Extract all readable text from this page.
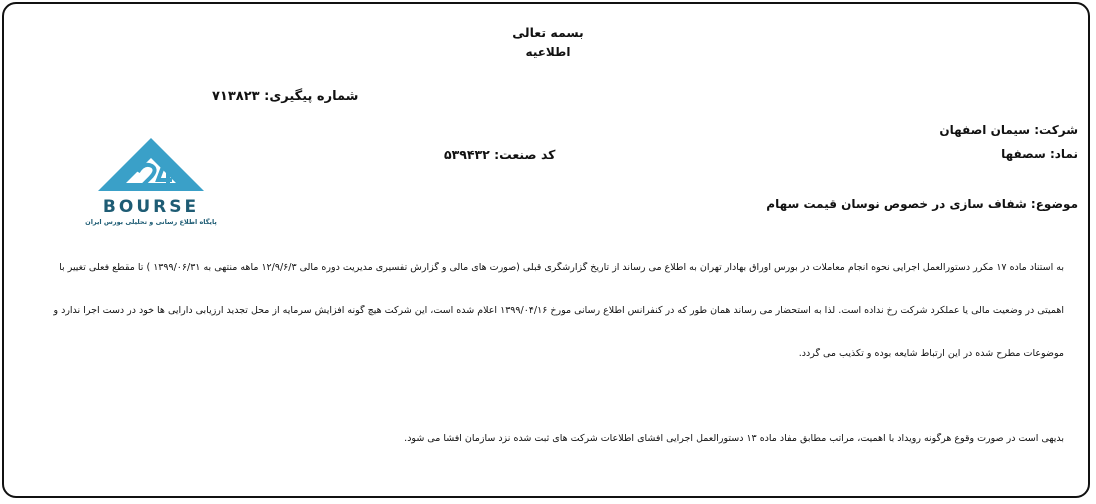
بسمه تعالی
اطلاعیه
شماره پیگیری: ۷۱۳۸۲۳
شرکت: سیمان اصفهان
نماد: سصفها
کد صنعت: ۵۳۹۴۳۲
موضوع: شفاف سازی در خصوص نوسان قیمت سهام
BOURSE
پایگاه اطلاع رسانی و تحلیلی بورس ایران
به استناد ماده ۱۷ مکرر دستورالعمل اجرایی نحوه انجام معاملات در بورس اوراق بهادار تهران به اطلاع می رساند از تاریخ گزارشگری قبلی (صورت های مالی و گزارش تفسیری مدیریت دوره مالی ۱۲/۹/۶/۳ ماهه منتهی به ۱۳۹۹/۰۶/۳۱ ) تا مقطع فعلی تغییر با
اهمیتی در وضعیت مالی یا عملکرد شرکت رخ نداده است. لذا به استحضار می رساند همان طور که در کنفرانس اطلاع رسانی مورخ ۱۳۹۹/۰۴/۱۶ اعلام شده است، این شرکت هیچ گونه افزایش سرمایه از محل تجدید ارزیابی دارایی ها خود در دست اجرا ندارد و
موضوعات مطرح شده در این ارتباط شایعه بوده و تکذیب می گردد.
بدیهی است در صورت وقوع هرگونه رویداد با اهمیت، مراتب مطابق مفاد ماده ۱۳ دستورالعمل اجرایی افشای اطلاعات شرکت های ثبت شده نزد سازمان افشا می شود.
